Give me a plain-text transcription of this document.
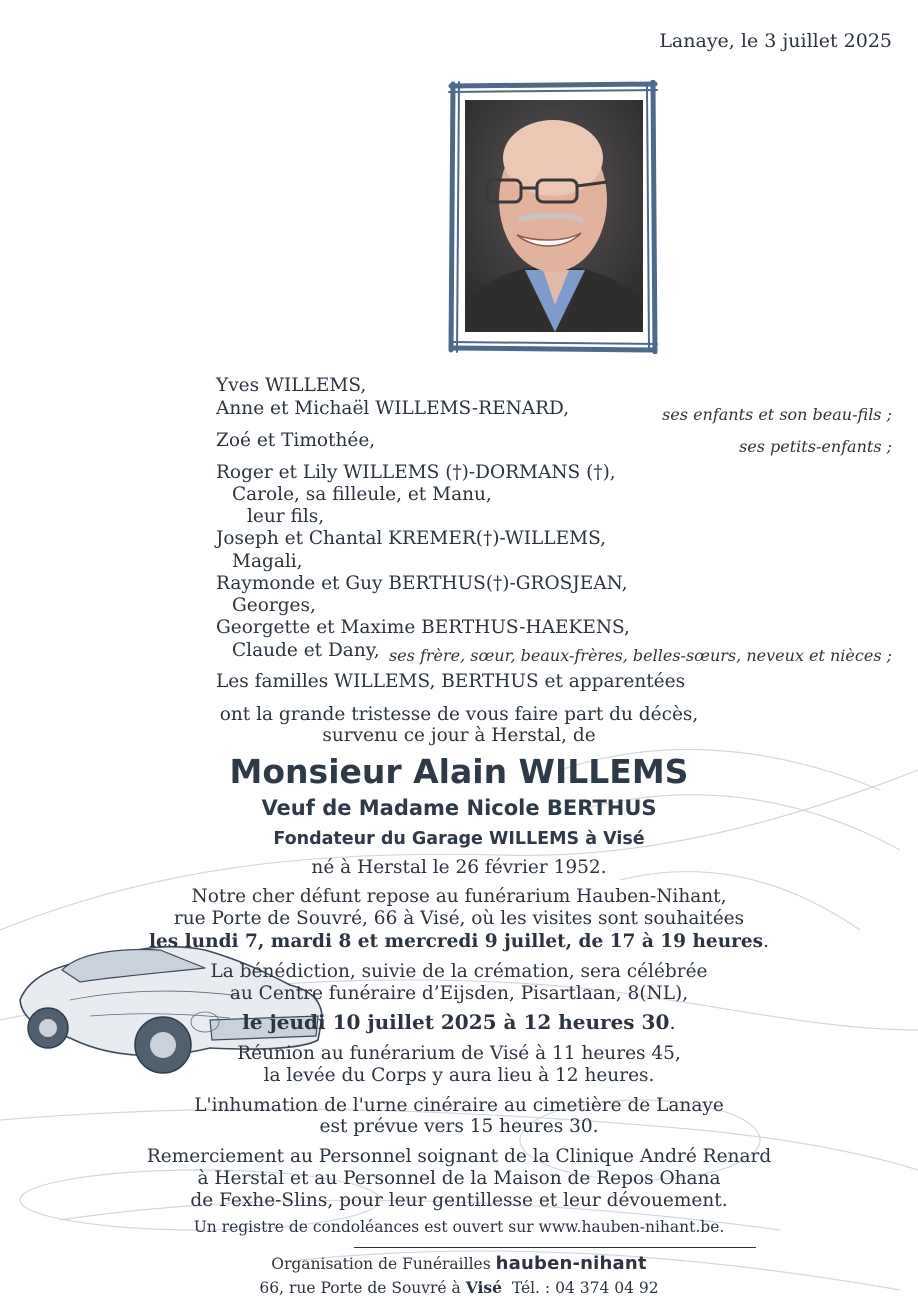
Lanaye, le 3 juillet 2025
Yves WILLEMS,
Anne et Michaël WILLEMS-RENARD,
Zoé et Timothée,
Roger et Lily WILLEMS (†)-DORMANS (†),
Carole, sa filleule, et Manu,
leur fils,
Joseph et Chantal KREMER(†)-WILLEMS,
Magali,
Raymonde et Guy BERTHUS(†)-GROSJEAN,
Georges,
Georgette et Maxime BERTHUS-HAEKENS,
Claude et Dany,
Les familles WILLEMS, BERTHUS et apparentées
ses enfants et son beau-fils ;
ses petits-enfants ;
ses frère, sœur, beaux-frères, belles-sœurs, neveux et nièces ;
ont la grande tristesse de vous faire part du décès,
survenu ce jour à Herstal, de
Monsieur Alain WILLEMS
Veuf de Madame Nicole BERTHUS
Fondateur du Garage WILLEMS à Visé
né à Herstal le 26 février 1952.
Notre cher défunt repose au funérarium Hauben-Nihant,
rue Porte de Souvré, 66 à Visé, où les visites sont souhaitées
les lundi 7, mardi 8 et mercredi 9 juillet, de 17 à 19 heures.
La bénédiction, suivie de la crémation, sera célébrée
au Centre funéraire d’Eijsden, Pisartlaan, 8(NL),
le jeudi 10 juillet 2025 à 12 heures 30.
Réunion au funérarium de Visé à 11 heures 45,
la levée du Corps y aura lieu à 12 heures.
L'inhumation de l'urne cinéraire au cimetière de Lanaye
est prévue vers 15 heures 30.
Remerciement au Personnel soignant de la Clinique André Renard
à Herstal et au Personnel de la Maison de Repos Ohana
de Fexhe-Slins, pour leur gentillesse et leur dévouement.
Un registre de condoléances est ouvert sur www.hauben-nihant.be.
Organisation de Funérailles hauben-nihant
66, rue Porte de Souvré à Visé Tél. : 04 374 04 92
